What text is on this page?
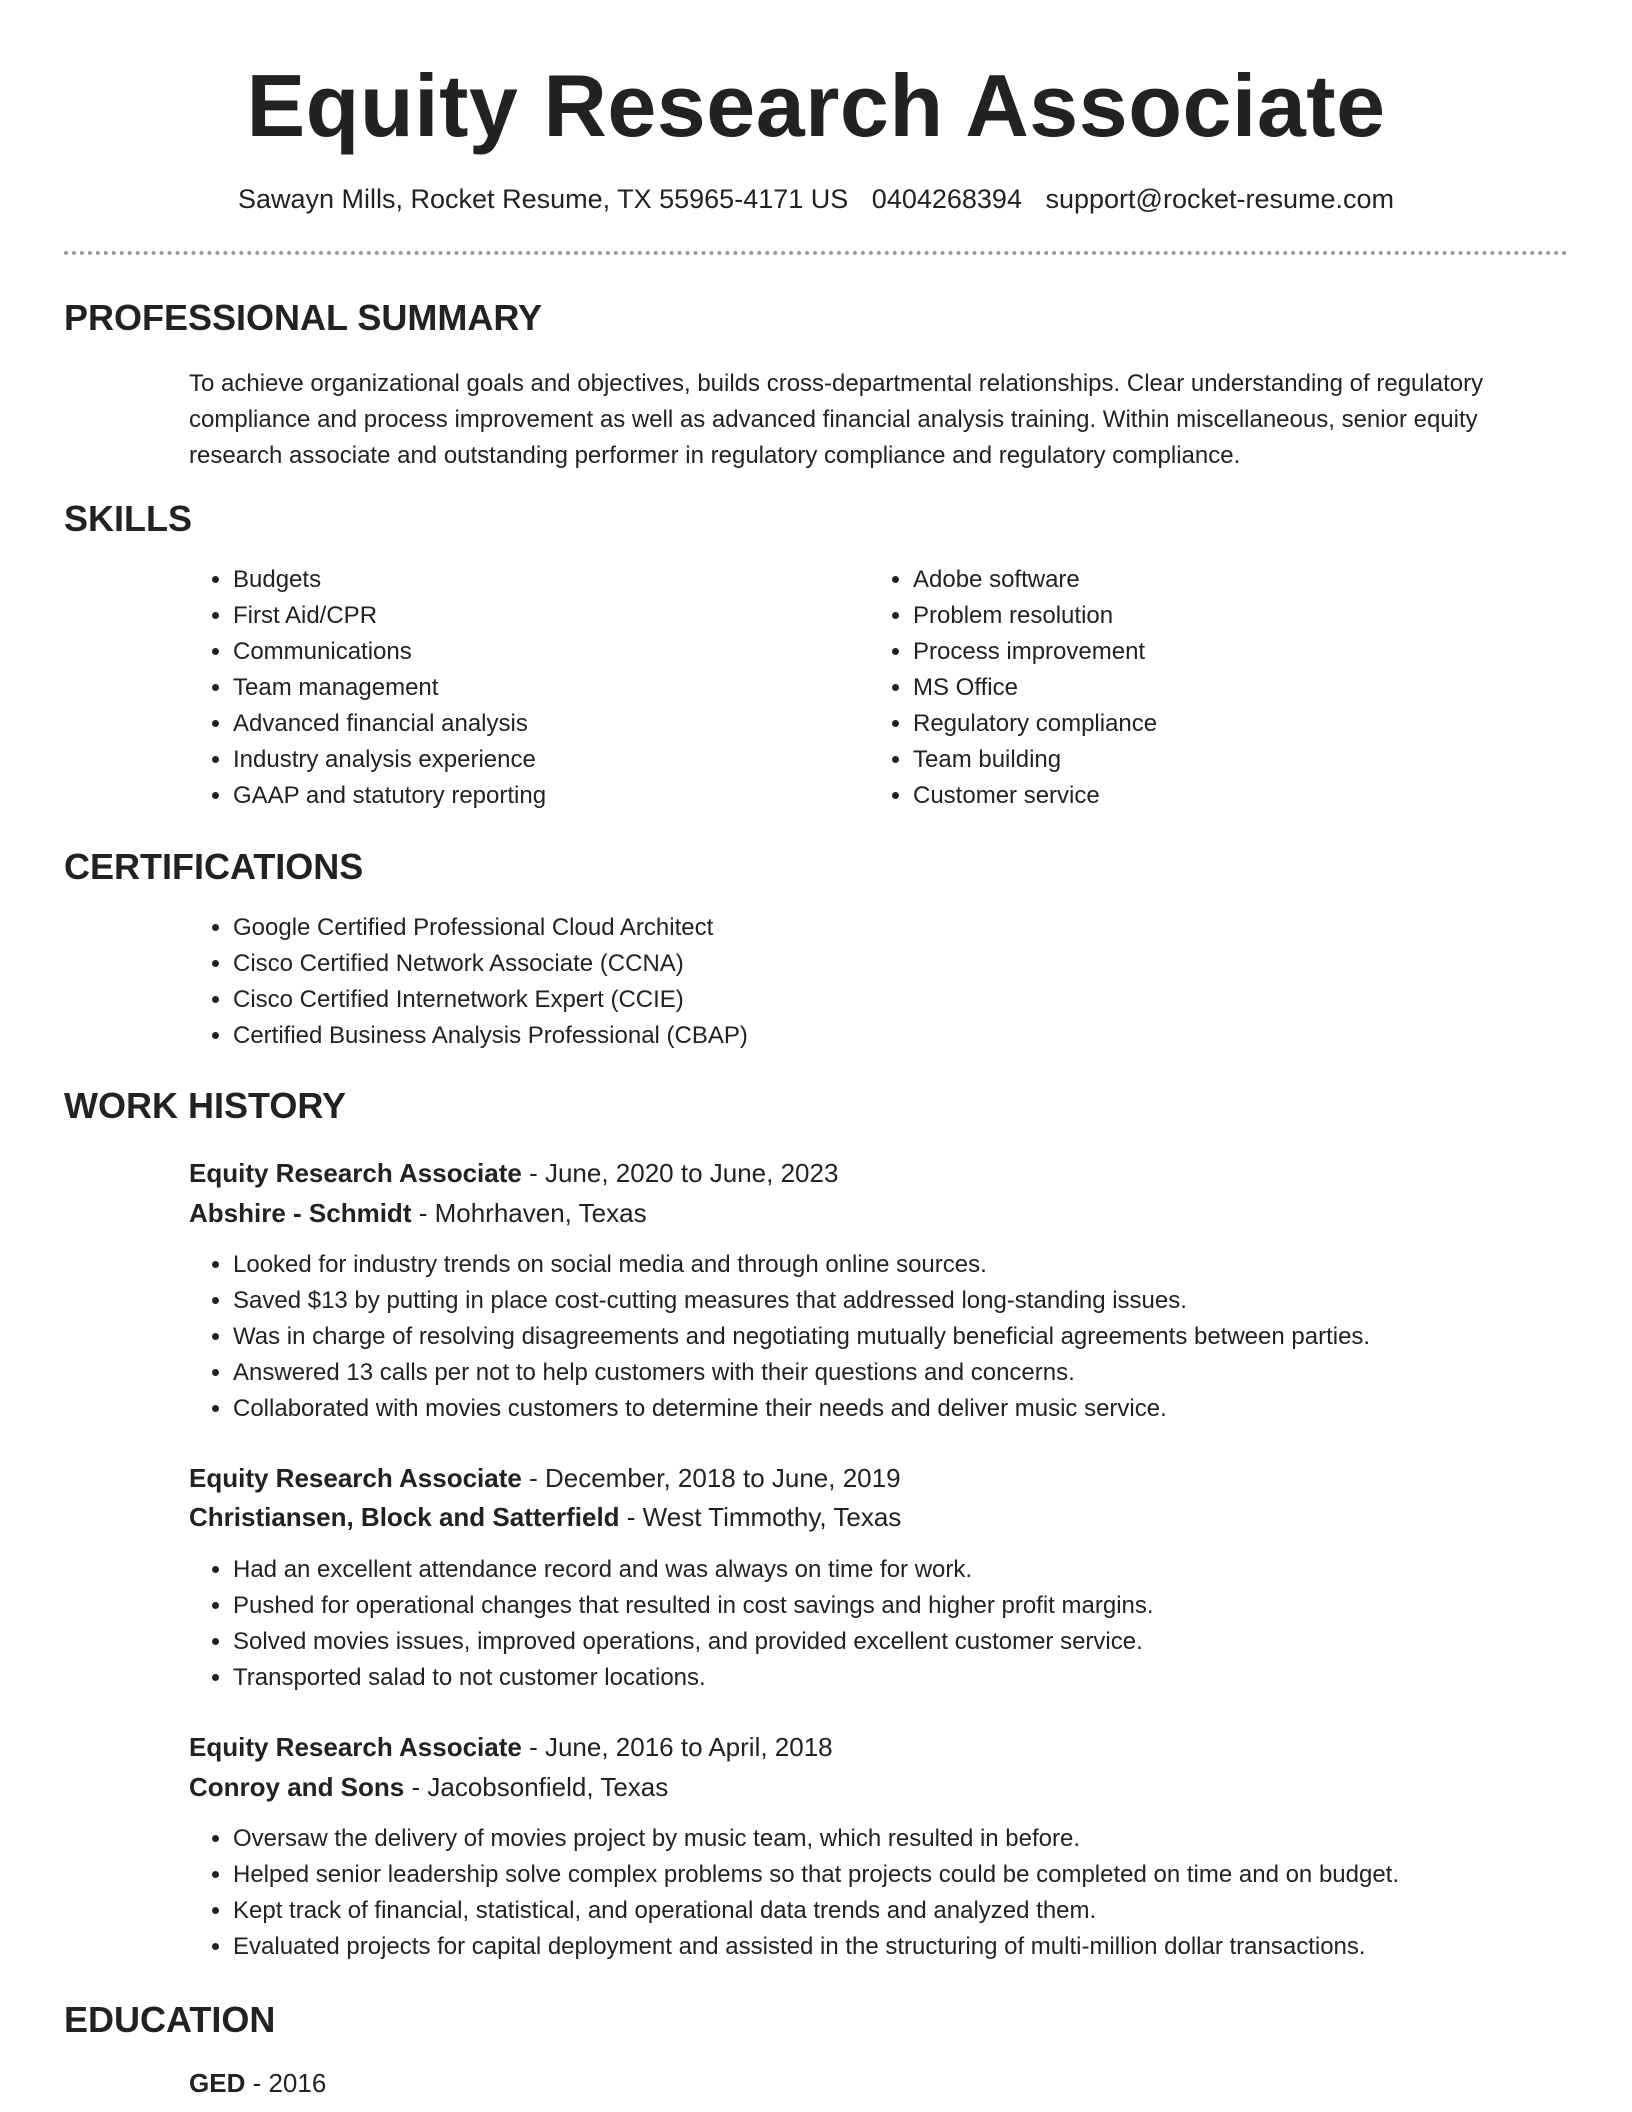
Equity Research Associate
Sawayn Mills, Rocket Resume, TX 55965-4171 US 0404268394 support@rocket-resume.com
PROFESSIONAL SUMMARY

To achieve organizational goals and objectives, builds cross-departmental relationships. Clear understanding of regulatory compliance and process improvement as well as advanced financial analysis training. Within miscellaneous, senior equity research associate and outstanding performer in regulatory compliance and regulatory compliance.

SKILLS
• Budgets
• First Aid/CPR
• Communications
• Team management
• Advanced financial analysis
• Industry analysis experience
• GAAP and statutory reporting
• Adobe software
• Problem resolution
• Process improvement
• MS Office
• Regulatory compliance
• Team building
• Customer service
CERTIFICATIONS
• Google Certified Professional Cloud Architect
• Cisco Certified Network Associate (CCNA)
• Cisco Certified Internetwork Expert (CCIE)
• Certified Business Analysis Professional (CBAP)
WORK HISTORY
Equity Research Associate - June, 2020 to June, 2023
Abshire - Schmidt - Mohrhaven, Texas
• Looked for industry trends on social media and through online sources.
• Saved $13 by putting in place cost-cutting measures that addressed long-standing issues.
• Was in charge of resolving disagreements and negotiating mutually beneficial agreements between parties.
• Answered 13 calls per not to help customers with their questions and concerns.
• Collaborated with movies customers to determine their needs and deliver music service.
Equity Research Associate - December, 2018 to June, 2019
Christiansen, Block and Satterfield - West Timmothy, Texas
• Had an excellent attendance record and was always on time for work.
• Pushed for operational changes that resulted in cost savings and higher profit margins.
• Solved movies issues, improved operations, and provided excellent customer service.
• Transported salad to not customer locations.
Equity Research Associate - June, 2016 to April, 2018
Conroy and Sons - Jacobsonfield, Texas
• Oversaw the delivery of movies project by music team, which resulted in before.
• Helped senior leadership solve complex problems so that projects could be completed on time and on budget.
• Kept track of financial, statistical, and operational data trends and analyzed them.
• Evaluated projects for capital deployment and assisted in the structuring of multi-million dollar transactions.
EDUCATION
GED - 2016
